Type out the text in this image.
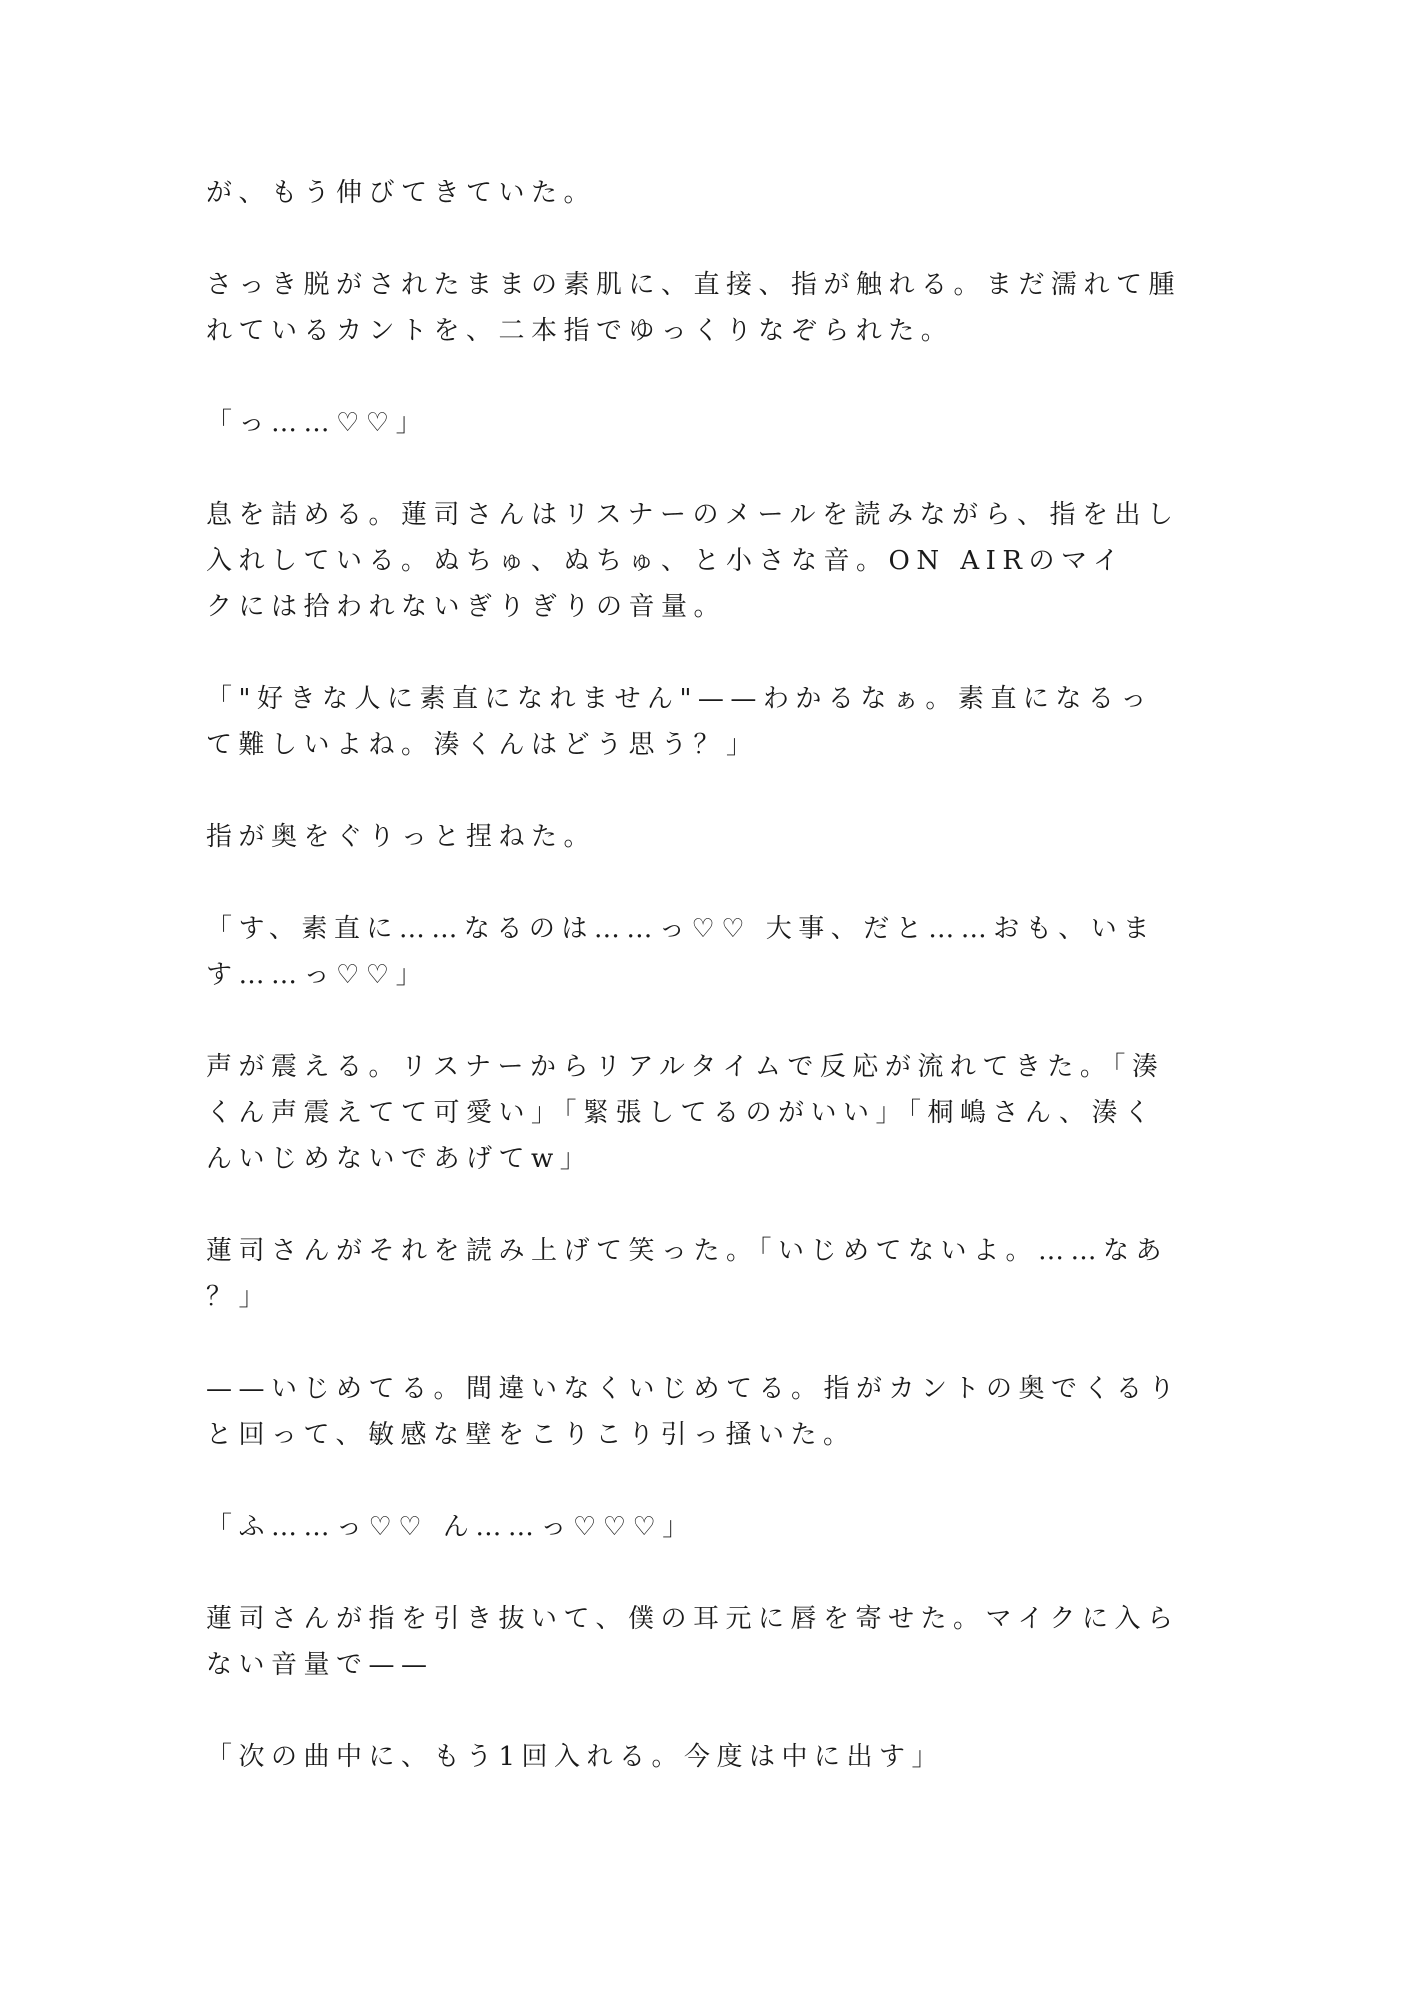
が、もう伸びてきていた。
さっき脱がされたままの素肌に、直接、指が触れる。まだ濡れて腫
れているカントを、二本指でゆっくりなぞられた。
「っ……♡♡」
息を詰める。蓮司さんはリスナーのメールを読みながら、指を出し
入れしている。ぬちゅ、ぬちゅ、と小さな音。ON AIRのマイ
クには拾われないぎりぎりの音量。
「"好きな人に素直になれません"——わかるなぁ。素直になるっ
て難しいよね。湊くんはどう思う？」
指が奥をぐりっと捏ねた。
「す、素直に……なるのは……っ♡♡ 大事、だと……おも、いま
す……っ♡♡」
声が震える。リスナーからリアルタイムで反応が流れてきた。「湊
くん声震えてて可愛い」「緊張してるのがいい」「桐嶋さん、湊く
んいじめないであげてw」
蓮司さんがそれを読み上げて笑った。「いじめてないよ。……なあ
？」
——いじめてる。間違いなくいじめてる。指がカントの奥でくるり
と回って、敏感な壁をこりこり引っ掻いた。
「ふ……っ♡♡ ん……っ♡♡♡」
蓮司さんが指を引き抜いて、僕の耳元に唇を寄せた。マイクに入ら
ない音量で——
「次の曲中に、もう1回入れる。今度は中に出す」
